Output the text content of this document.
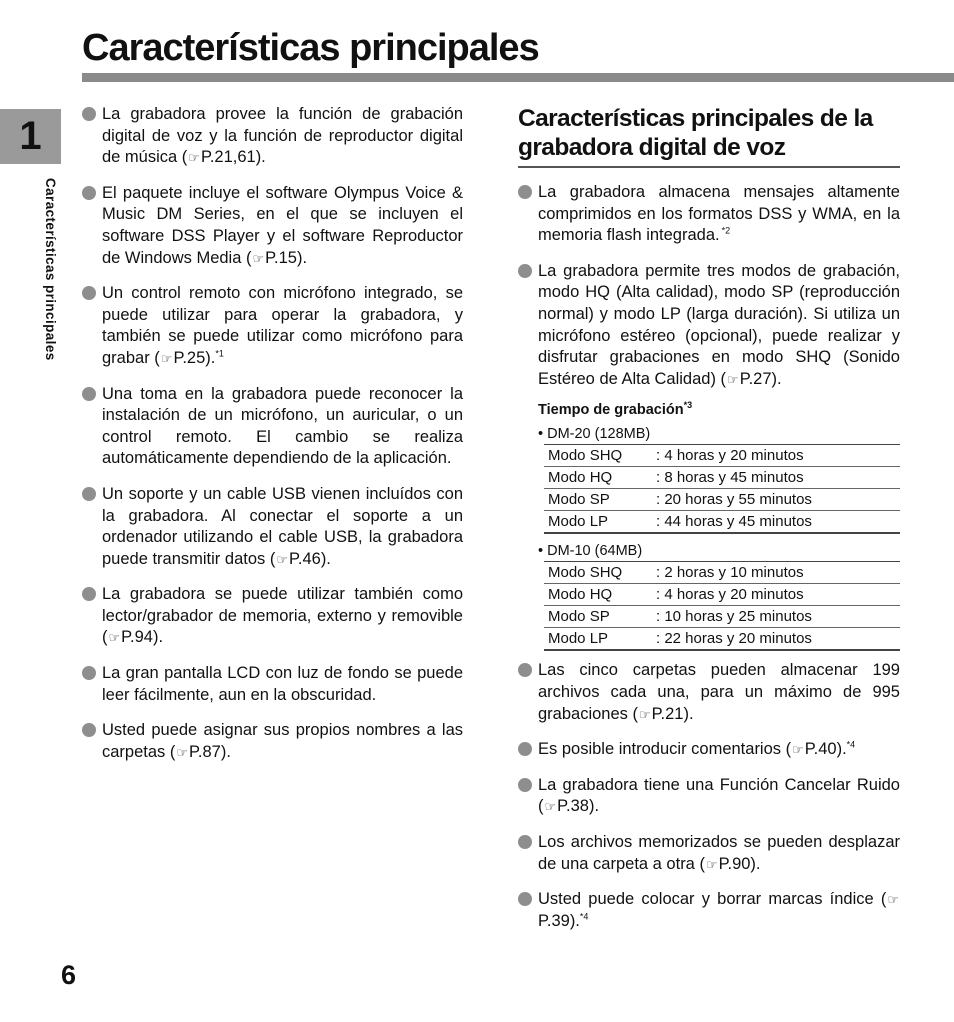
Características principales
1
Características principales
La grabadora provee la función de grabación digital de voz y la función de reproductor digital de música (☞P.21,61).
El paquete incluye el software Olympus Voice & Music DM Series, en el que se incluyen el software DSS Player y el software Reproductor de Windows Media (☞P.15).
Un control remoto con micrófono integrado, se puede utilizar para operar la grabadora, y también se puede utilizar como micrófono para grabar (☞P.25).$^{*1}$
Una toma en la grabadora puede reconocer la instalación de un micrófono, un auricular, o un control remoto. El cambio se realiza automáticamente dependiendo de la aplicación.
Un soporte y un cable USB vienen incluídos con la grabadora. Al conectar el soporte a un ordenador utilizando el cable USB, la grabadora puede transmitir datos (☞P.46).
La grabadora se puede utilizar también como lector/grabador de memoria, externo y removible (☞P.94).
La gran pantalla LCD con luz de fondo se puede leer fácilmente, aun en la obscuridad.
Usted puede asignar sus propios nombres a las carpetas (☞P.87).
Características principales de la grabadora digital de voz
La grabadora almacena mensajes altamente comprimidos en los formatos DSS y WMA, en la memoria flash integrada. $^{*2}$
La grabadora permite tres modos de grabación, modo HQ (Alta calidad), modo SP (reproducción normal) y modo LP (larga duración). Si utiliza un micrófono estéreo (opcional), puede realizar y disfrutar grabaciones en modo SHQ (Sonido Estéreo de Alta Calidad) (☞P.27).
Tiempo de grabación$^{*3}$
• DM-20 (128MB)
Modo SHQ	: 4 horas y 20 minutos
Modo HQ	: 8 horas y 45 minutos
Modo SP	: 20 horas y 55 minutos
Modo LP	: 44 horas y 45 minutos
• DM-10 (64MB)
Modo SHQ	: 2 horas y 10 minutos
Modo HQ	: 4 horas y 20 minutos
Modo SP	: 10 horas y 25 minutos
Modo LP	: 22 horas y 20 minutos
Las cinco carpetas pueden almacenar 199 archivos cada una, para un máximo de 995 grabaciones (☞P.21).
Es posible introducir comentarios (☞P.40).$^{*4}$
La grabadora tiene una Función Cancelar Ruido (☞P.38).
Los archivos memorizados se pueden desplazar de una carpeta a otra (☞P.90).
Usted puede colocar y borrar marcas índice (☞P.39).$^{*4}$
6
